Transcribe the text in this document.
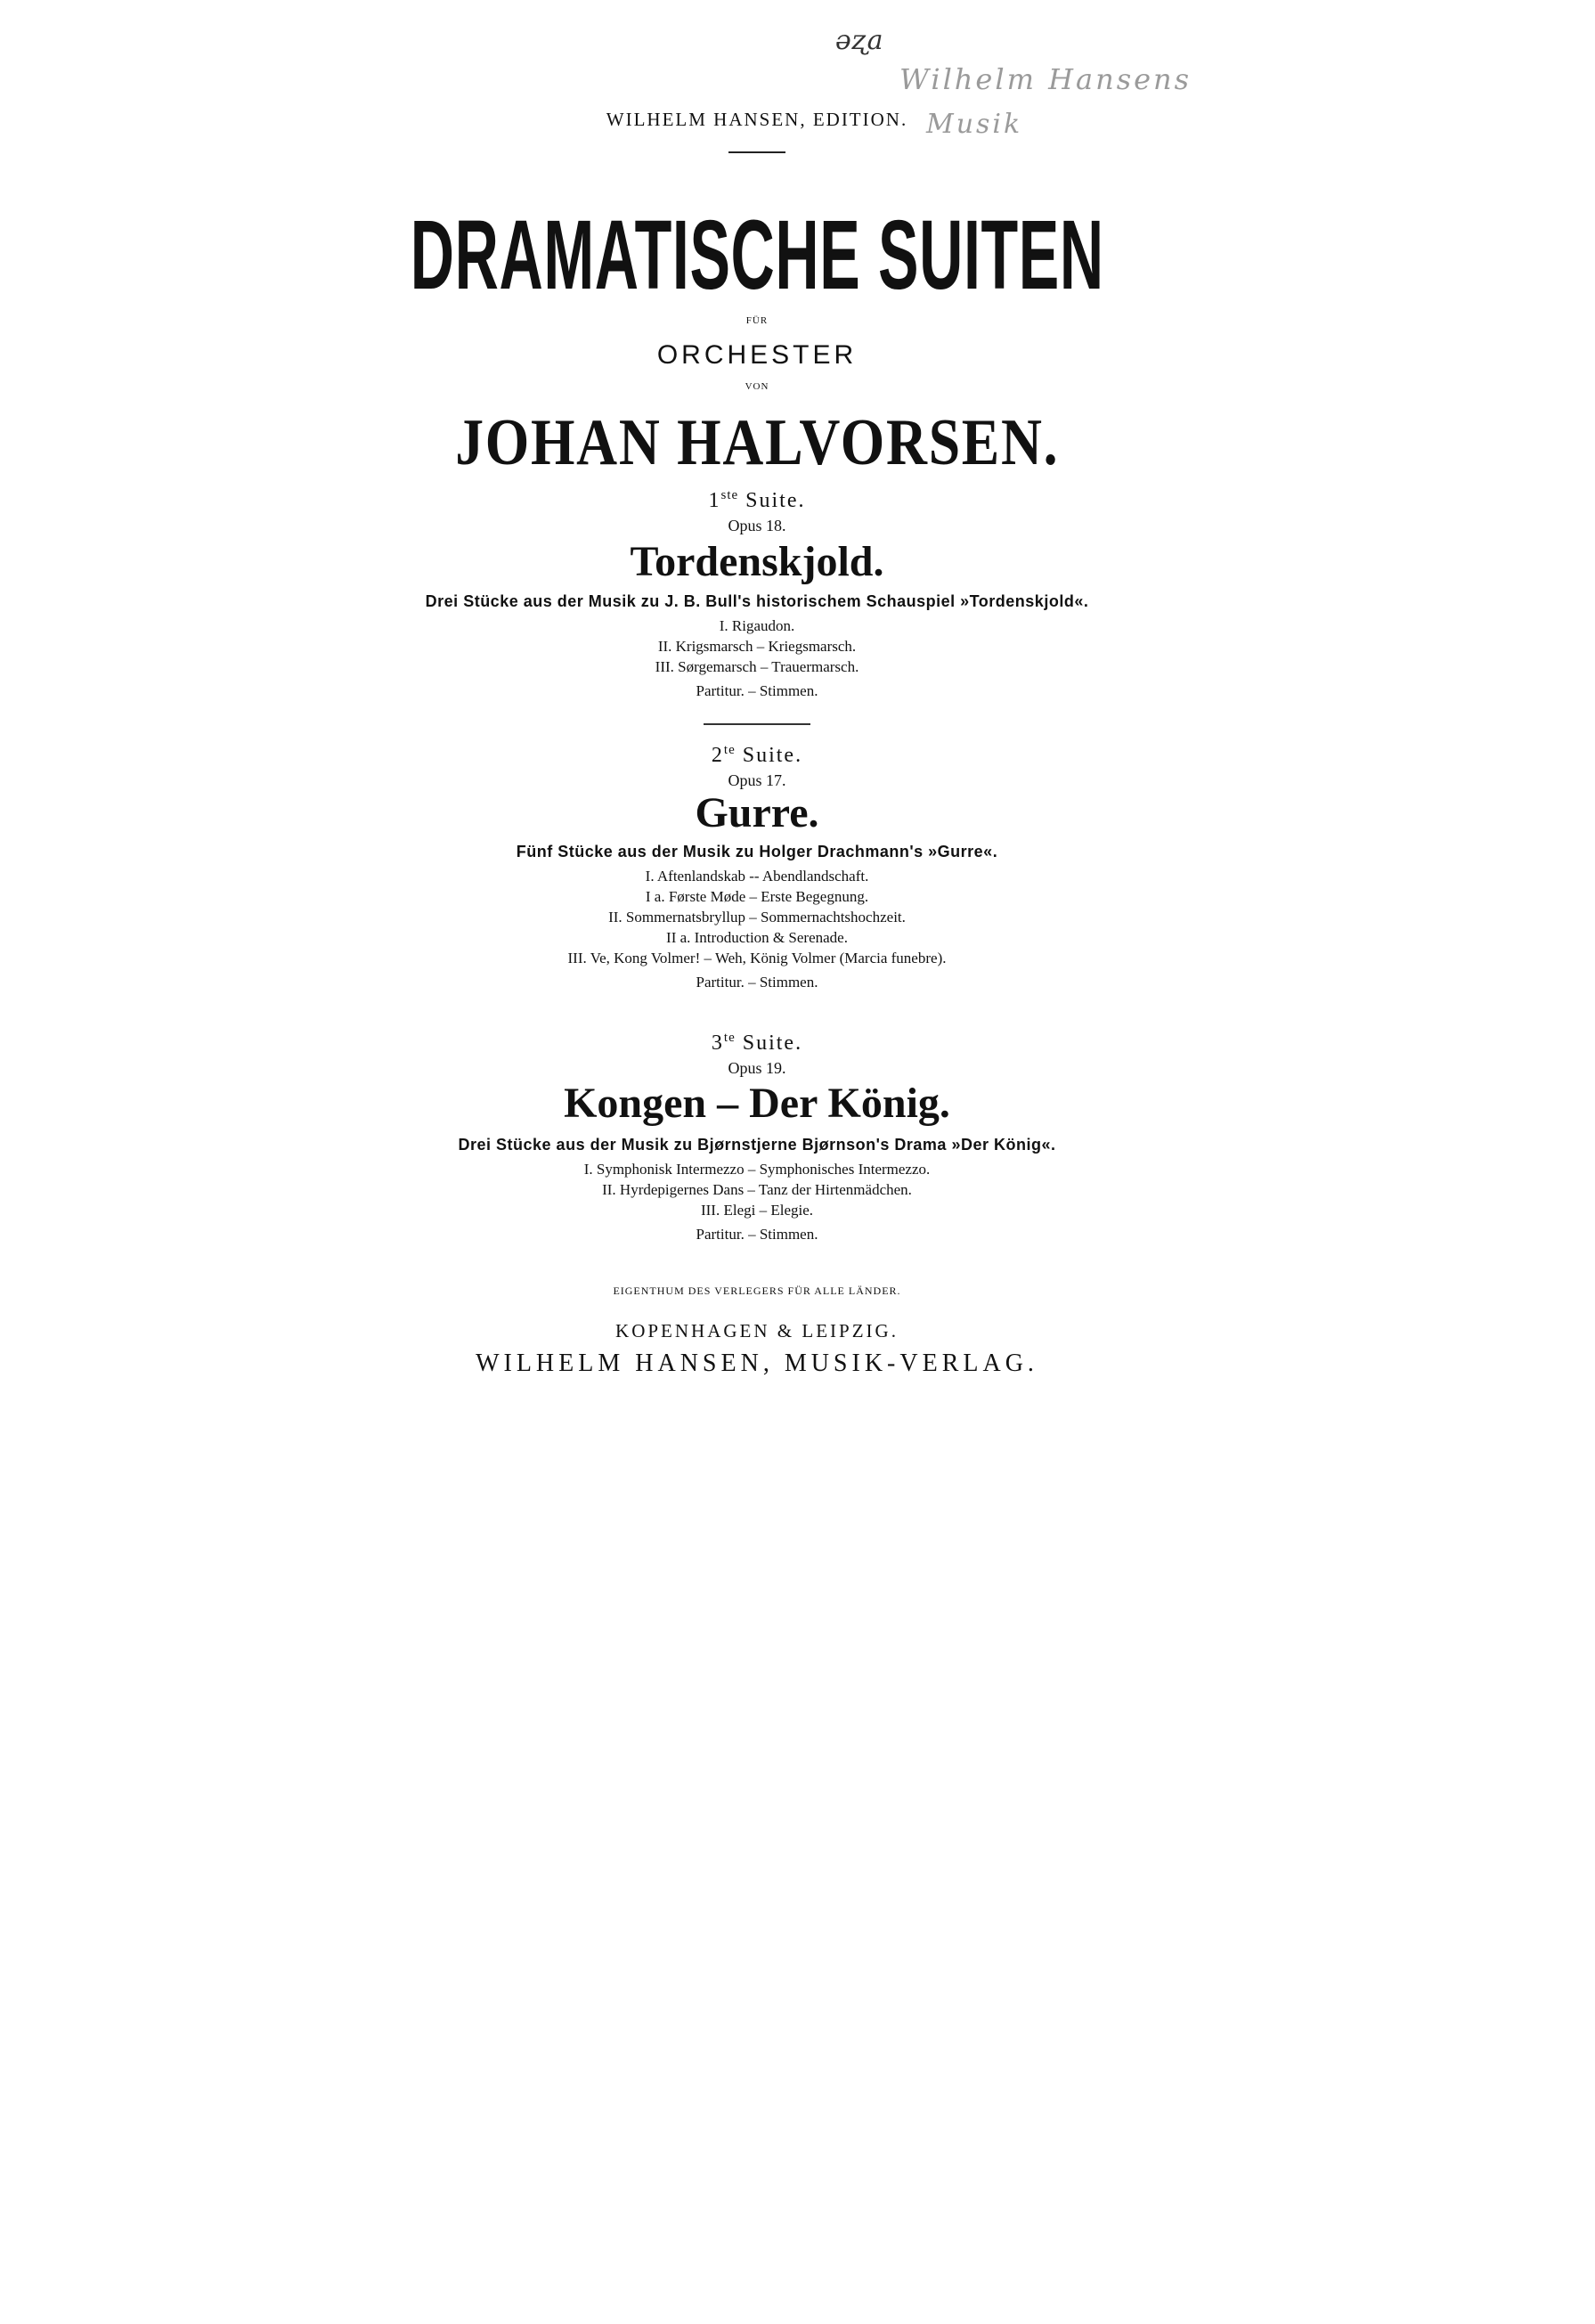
ǝʐa
Wilhelm Hansens
Musik
WILHELM HANSEN, EDITION.
DRAMATISCHE SUITEN
FÜR
ORCHESTER
VON
JOHAN HALVORSEN.
1ste Suite.
Opus 18.
Tordenskjold.
Drei Stücke aus der Musik zu J. B. Bull's historischem Schauspiel »Tordenskjold«.
I. Rigaudon.
II. Krigsmarsch – Kriegsmarsch.
III. Sørgemarsch – Trauermarsch.
Partitur. – Stimmen.
$2^{te}$ Suite.
Opus 17.
Gurre.
Fünf Stücke aus der Musik zu Holger Drachmann's »Gurre«.
I. Aftenlandskab -- Abendlandschaft.
I a. Første Møde – Erste Begegnung.
II. Sommernatsbryllup – Sommernachtshochzeit.
II a. Introduction & Serenade.
III. Ve, Kong Volmer! – Weh, König Volmer (Marcia funebre).
Partitur. – Stimmen.
$3^{te}$ Suite.
Opus 19.
Kongen – Der König.
Drei Stücke aus der Musik zu Bjørnstjerne Bjørnson's Drama »Der König«.
I. Symphonisk Intermezzo – Symphonisches Intermezzo.
II. Hyrdepigernes Dans – Tanz der Hirtenmädchen.
III. Elegi – Elegie.
Partitur. – Stimmen.
EIGENTHUM DES VERLEGERS FÜR ALLE LÄNDER.
KOPENHAGEN & LEIPZIG.
WILHELM HANSEN, MUSIK-VERLAG.
